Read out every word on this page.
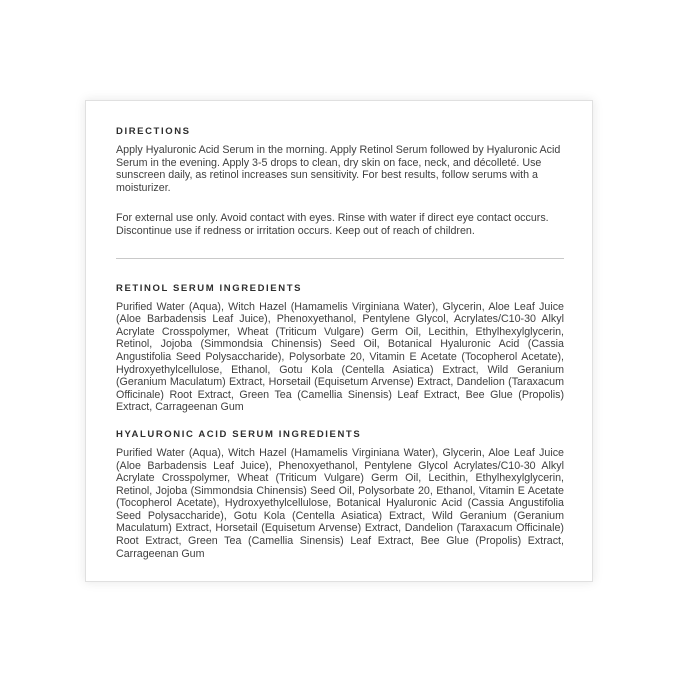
DIRECTIONS

Apply Hyaluronic Acid Serum in the morning. Apply Retinol Serum followed by Hyaluronic Acid Serum in the evening. Apply 3-5 drops to clean, dry skin on face, neck, and décolleté. Use sunscreen daily, as retinol increases sun sensitivity. For best results, follow serums with a moisturizer.

For external use only. Avoid contact with eyes. Rinse with water if direct eye contact occurs. Discontinue use if redness or irritation occurs. Keep out of reach of children.

RETINOL SERUM INGREDIENTS

Purified Water (Aqua), Witch Hazel (Hamamelis Virginiana Water), Glycerin, Aloe Leaf Juice (Aloe Barbadensis Leaf Juice), Phenoxyethanol, Pentylene Glycol, Acrylates/C10-30 Alkyl Acrylate Crosspolymer, Wheat (Triticum Vulgare) Germ Oil, Lecithin, Ethylhexylglycerin, Retinol, Jojoba (Simmondsia Chinensis) Seed Oil, Botanical Hyaluronic Acid (Cassia Angustifolia Seed Polysaccharide), Polysorbate 20, Vitamin E Acetate (Tocopherol Acetate), Hydroxyethylcellulose, Ethanol, Gotu Kola (Centella Asiatica) Extract, Wild Geranium (Geranium Maculatum) Extract, Horsetail (Equisetum Arvense) Extract, Dandelion (Taraxacum Officinale) Root Extract, Green Tea (Camellia Sinensis) Leaf Extract, Bee Glue (Propolis) Extract, Carrageenan Gum

HYALURONIC ACID SERUM INGREDIENTS

Purified Water (Aqua), Witch Hazel (Hamamelis Virginiana Water), Glycerin, Aloe Leaf Juice (Aloe Barbadensis Leaf Juice), Phenoxyethanol, Pentylene Glycol Acrylates/C10-30 Alkyl Acrylate Crosspolymer, Wheat (Triticum Vulgare) Germ Oil, Lecithin, Ethylhexylglycerin, Retinol, Jojoba (Simmondsia Chinensis) Seed Oil, Polysorbate 20, Ethanol, Vitamin E Acetate (Tocopherol Acetate), Hydroxyethylcellulose, Botanical Hyaluronic Acid (Cassia Angustifolia Seed Polysaccharide), Gotu Kola (Centella Asiatica) Extract, Wild Geranium (Geranium Maculatum) Extract, Horsetail (Equisetum Arvense) Extract, Dandelion (Taraxacum Officinale) Root Extract, Green Tea (Camellia Sinensis) Leaf Extract, Bee Glue (Propolis) Extract, Carrageenan Gum
